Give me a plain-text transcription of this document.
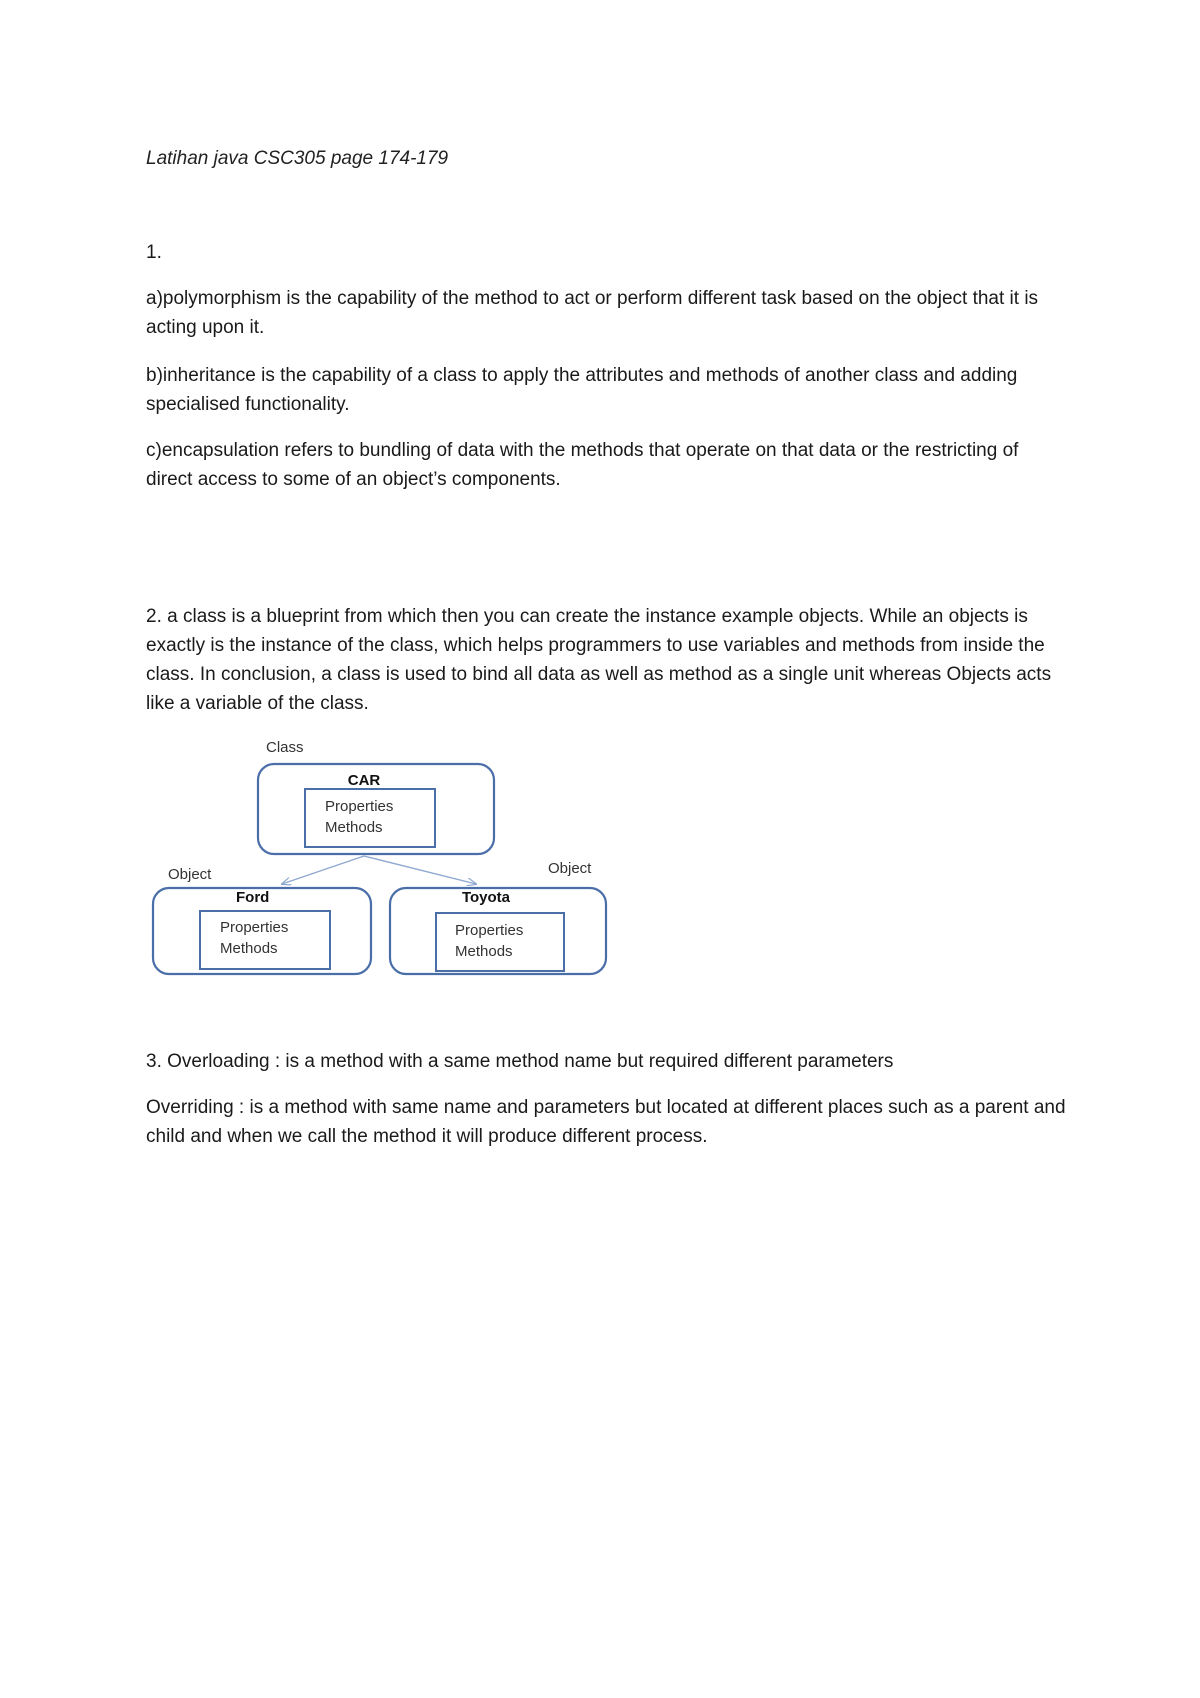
Latihan java CSC305 page 174-179
1.
a)polymorphism is the capability of the method to act or perform different task based on the object that it is acting upon it.
b)inheritance is the capability of a class to apply the attributes and methods of another class and adding specialised functionality.
c)encapsulation refers to bundling of data with the methods that operate on that data or the restricting of direct access to some of an object’s components.
2. a class is a blueprint from which then you can create the instance example objects. While an objects is exactly is the instance of the class, which helps programmers to use variables and methods from inside the class. In conclusion, a class is used to bind all data as well as method as a single unit whereas Objects acts like a variable of the class.
Class
CAR
Properties
Methods
Object	Object
Ford
Properties
Methods
Toyota
Properties
Methods
3. Overloading : is a method with a same method name but required different parameters
Overriding : is a method with same name and parameters but located at different places such as a parent and child and when we call the method it will produce different process.
